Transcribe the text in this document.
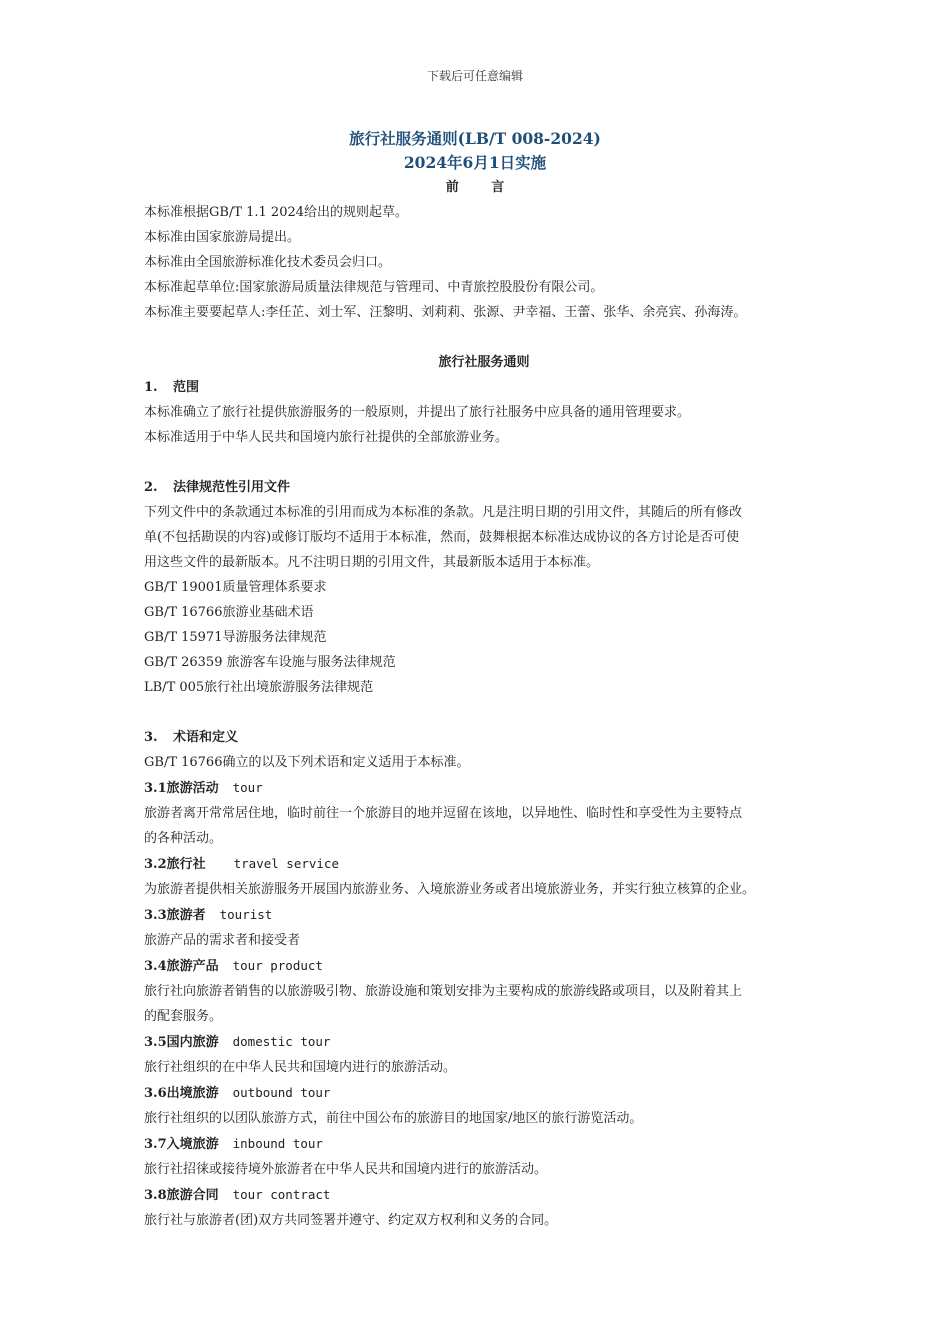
下载后可任意编辑
旅行社服务通则(LB/T 008-2024)
2024年6月1日实施
前 言
本标准根据GB/T 1.1 2024给出的规则起草。
本标准由国家旅游局提出。
本标准由全国旅游标准化技术委员会归口。
本标准起草单位:国家旅游局质量法律规范与管理司、中青旅控股股份有限公司。
本标准主要要起草人:李任芷、刘士军、汪黎明、刘莉莉、张源、尹幸福、王蕾、张华、余亮宾、孙海涛。
旅行社服务通则
1. 范围
本标准确立了旅行社提供旅游服务的一般原则，并提出了旅行社服务中应具备的通用管理要求。
本标准适用于中华人民共和国境内旅行社提供的全部旅游业务。
2. 法律规范性引用文件
下列文件中的条款通过本标准的引用而成为本标准的条款。凡是注明日期的引用文件，其随后的所有修改
单(不包括勘误的内容)或修订版均不适用于本标准，然而，鼓舞根据本标准达成协议的各方讨论是否可使
用这些文件的最新版本。凡不注明日期的引用文件，其最新版本适用于本标准。
GB/T 19001质量管理体系要求
GB/T 16766旅游业基础术语
GB/T 15971导游服务法律规范
GB/T 26359 旅游客车设施与服务法律规范
LB/T 005旅行社出境旅游服务法律规范
3. 术语和定义
GB/T 16766确立的以及下列术语和定义适用于本标准。
3.1旅游活动 tour
旅游者离开常常居住地，临时前往一个旅游目的地并逗留在该地，以异地性、临时性和享受性为主要特点
的各种活动。
3.2旅行社 travel service
为旅游者提供相关旅游服务开展国内旅游业务、入境旅游业务或者出境旅游业务，并实行独立核算的企业。
3.3旅游者 tourist
旅游产品的需求者和接受者
3.4旅游产品 tour product
旅行社向旅游者销售的以旅游吸引物、旅游设施和策划安排为主要构成的旅游线路或项目，以及附着其上
的配套服务。
3.5国内旅游 domestic tour
旅行社组织的在中华人民共和国境内进行的旅游活动。
3.6出境旅游 outbound tour
旅行社组织的以团队旅游方式，前往中国公布的旅游目的地国家/地区的旅行游览活动。
3.7入境旅游 inbound tour
旅行社招徕或接待境外旅游者在中华人民共和国境内进行的旅游活动。
3.8旅游合同 tour contract
旅行社与旅游者(团)双方共同签署并遵守、约定双方权利和义务的合同。
